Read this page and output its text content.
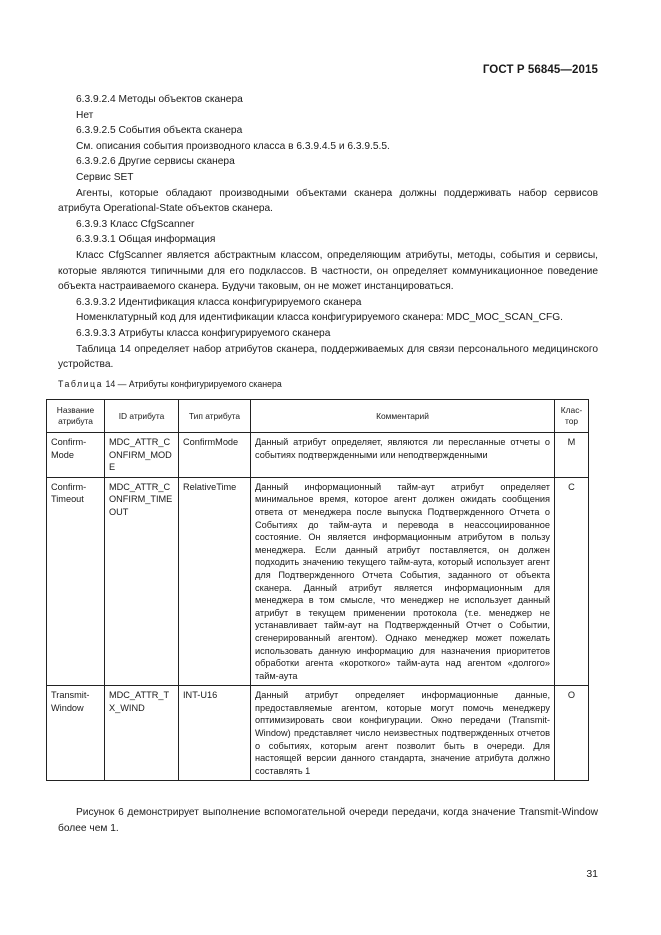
ГОСТ Р 56845—2015

6.3.9.2.4 Методы объектов сканера

Нет

6.3.9.2.5 События объекта сканера

См. описания события производного класса в 6.3.9.4.5 и 6.3.9.5.5.

6.3.9.2.6 Другие сервисы сканера

Сервис SET

Агенты, которые обладают производными объектами сканера должны поддерживать набор сервисов атрибута Operational-State объектов сканера.

6.3.9.3 Класс CfgScanner

6.3.9.3.1 Общая информация

Класс CfgScanner является абстрактным классом, определяющим атрибуты, методы, события и сервисы, которые являются типичными для его подклассов. В частности, он определяет коммуникационное поведение объекта настраиваемого сканера. Будучи таковым, он не может инстанцироваться.

6.3.9.3.2 Идентификация класса конфигурируемого сканера

Номенклатурный код для идентификации класса конфигурируемого сканера: MDC_MOC_SCAN_CFG.

6.3.9.3.3 Атрибуты класса конфигурируемого сканера

Таблица 14 определяет набор атрибутов сканера, поддерживаемых для связи персонального медицинского устройства.

Таблица 14 — Атрибуты конфигурируемого сканера
Название атрибута	ID атрибута	Тип атрибута	Комментарий	Клас-тор
Confirm-Mode	MDC_ATTR_CONFIRM_MODE	ConfirmMode	Данный атрибут определяет, являются ли пересланные отчеты о событиях подтвержденными или неподтвержденными	M
Confirm-Timeout	MDC_ATTR_CONFIRM_TIMEOUT	RelativeTime	Данный информационный тайм-аут атрибут определяет минимальное время, которое агент должен ожидать сообщения ответа от менеджера после выпуска Подтвержденного Отчета о Событиях до тайм-аута и перевода в неассоциированное состояние. Он является информационным атрибутом в пользу менеджера. Если данный атрибут поставляется, он должен подходить значению текущего тайм-аута, который использует агент для Подтвержденного Отчета События, заданного от объекта сканера. Данный атрибут является информационным для менеджера в том смысле, что менеджер не использует данный атрибут в текущем применении протокола (т.е. менеджер не устанавливает тайм-аут на Подтвержденный Отчет о Событии, сгенерированный агентом). Однако менеджер может пожелать использовать данную информацию для назначения приоритетов обработки агента «короткого» тайм-аута над агентом «долгого» тайм-аута	C
Transmit-Window	MDC_ATTR_TX_WIND	INT-U16	Данный атрибут определяет информационные данные, предоставляемые агентом, которые могут помочь менеджеру оптимизировать свои конфигурации. Окно передачи (Transmit-Window) представляет число неизвестных подтвержденных отчетов о событиях, которым агент позволит быть в очереди. Для настоящей версии данного стандарта, значение атрибута должно составлять 1	O

Рисунок 6 демонстрирует выполнение вспомогательной очереди передачи, когда значение Transmit-Window более чем 1.

31
